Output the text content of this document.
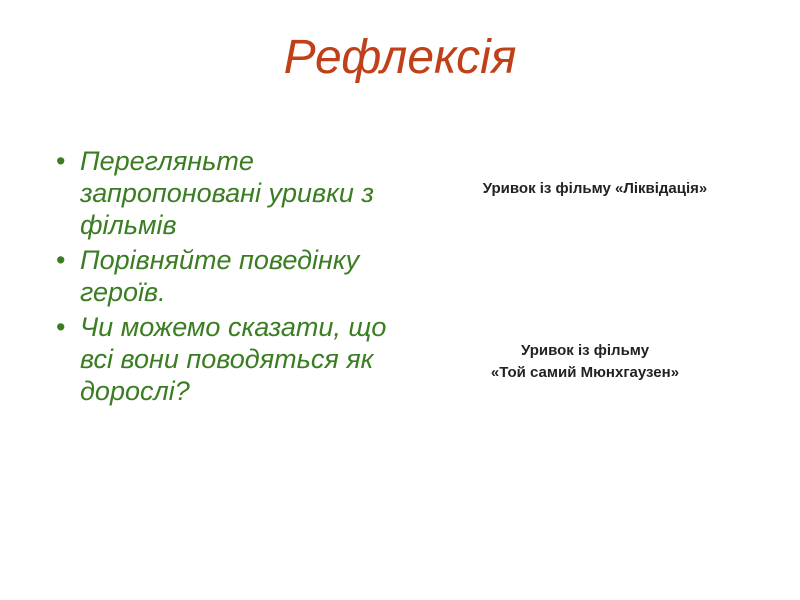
Рефлексія
• Перегляньте запропоновані уривки з фільмів
• Порівняйте поведінку героїв.
• Чи можемо сказати, що всі вони поводяться як дорослі?
Уривок із фільму «Ліквідація»
Уривок із фільму
«Той самий Мюнхгаузен»
